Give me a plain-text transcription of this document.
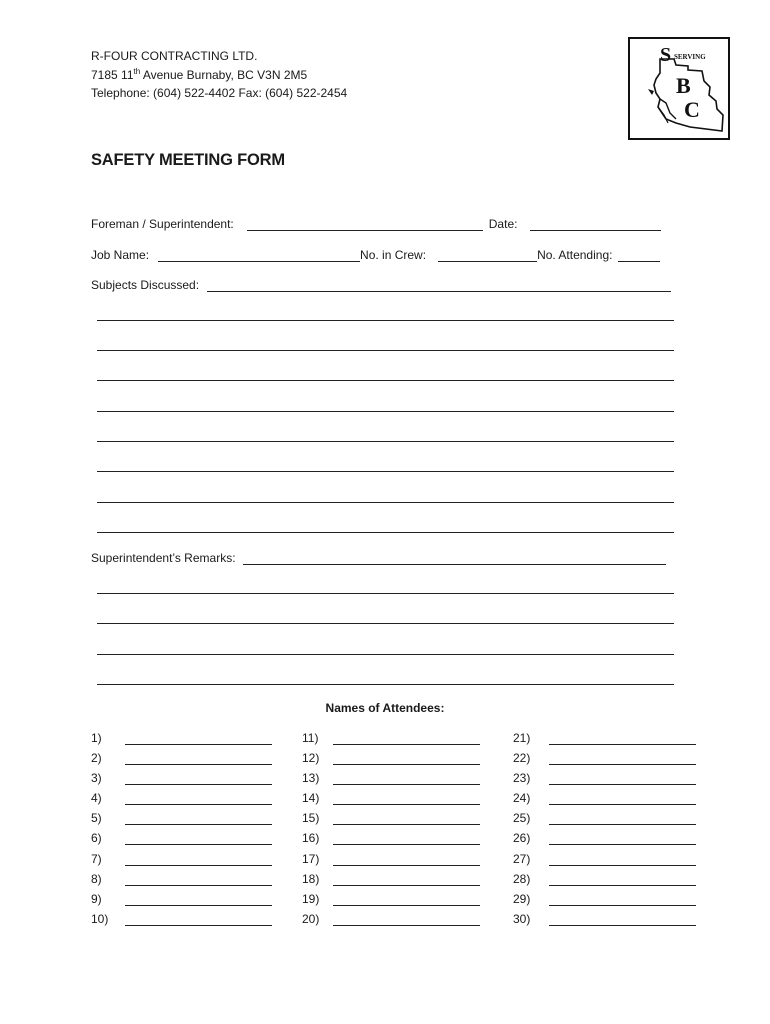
R-FOUR CONTRACTING LTD.
7185 11th Avenue Burnaby, BC V3N 2M5
Telephone: (604) 522-4402 Fax: (604) 522-2454
S SERVING
B
C
SAFETY MEETING FORM
Foreman / Superintendent:	Date:
Job Name:	No. in Crew:	No. Attending:
Subjects Discussed:
Superintendent’s Remarks:
Names of Attendees:
1)
2)
3)
4)
5)
6)
7)
8)
9)
10)
11)
12)
13)
14)
15)
16)
17)
18)
19)
20)
21)
22)
23)
24)
25)
26)
27)
28)
29)
30)
